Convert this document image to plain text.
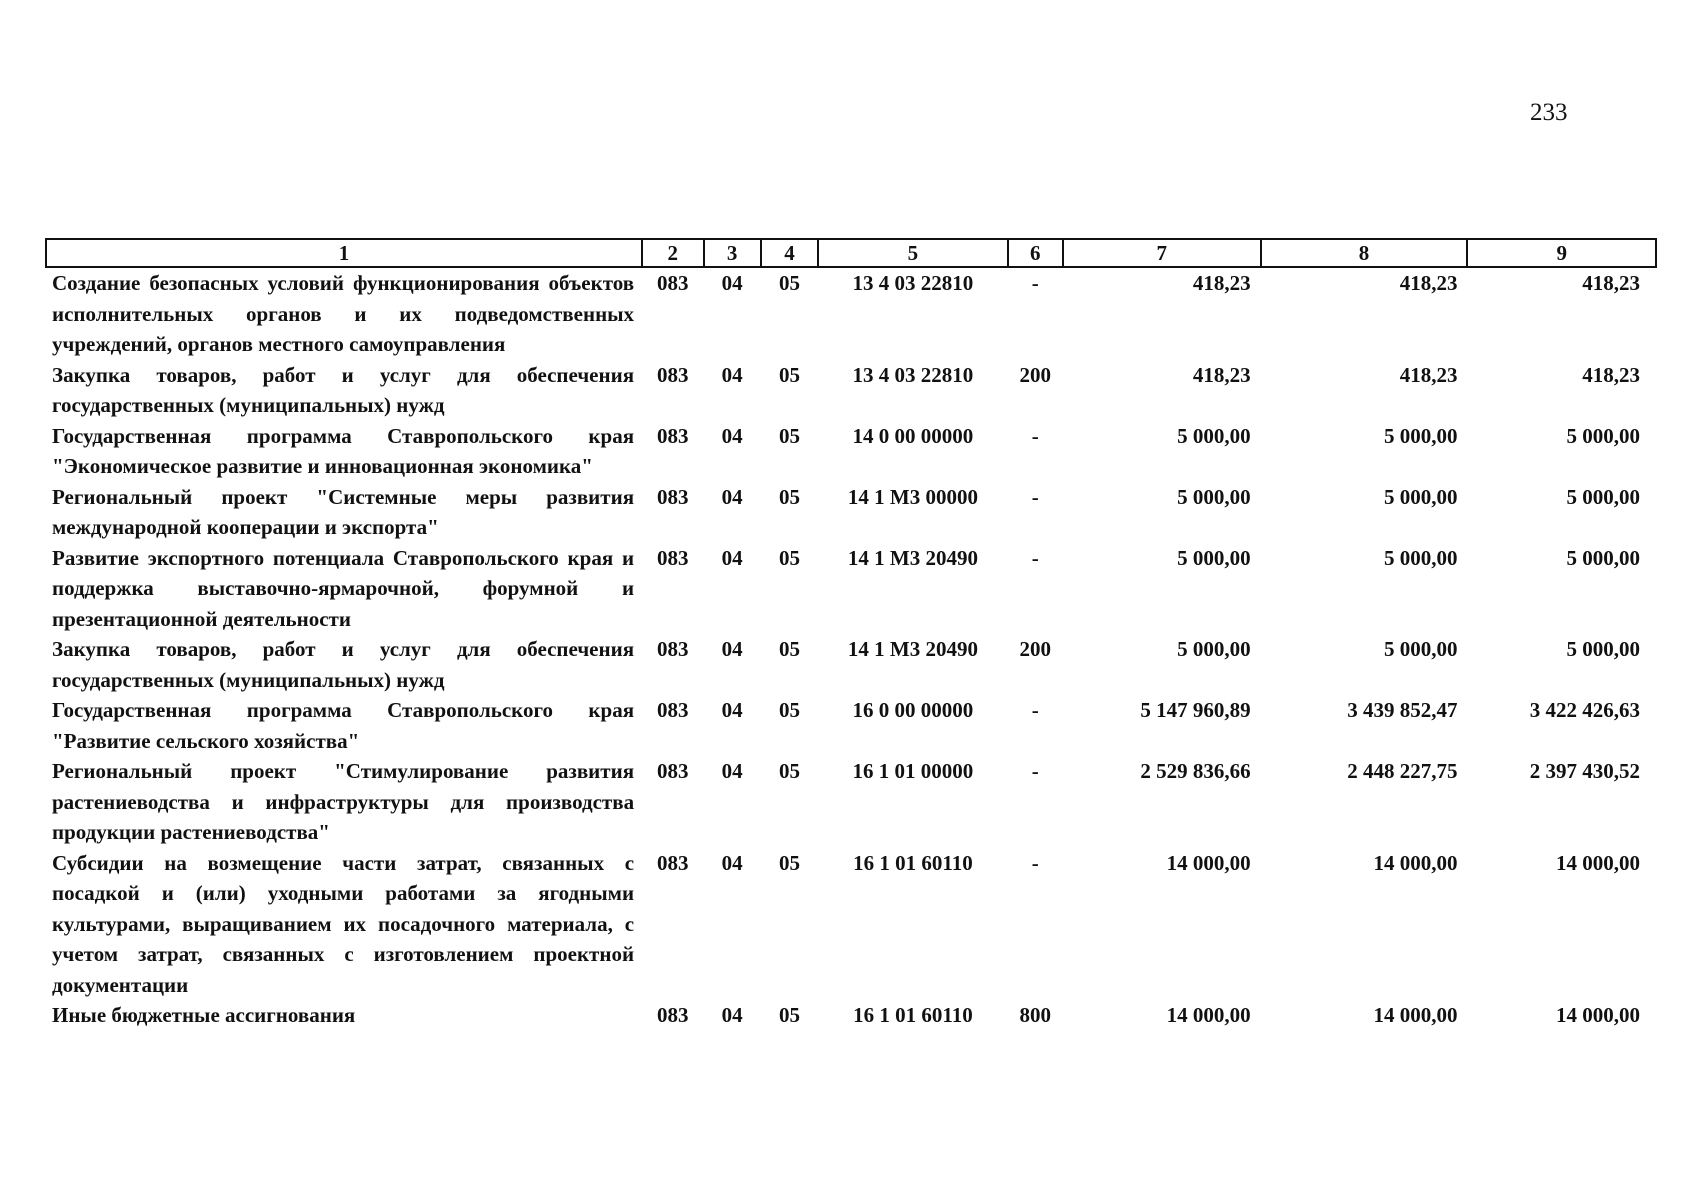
233
1	2	3	4	5	6	7	8	9
Создание безопасных условий функционирования объектов исполнительных органов и их подведомственных учреждений, органов местного самоуправления	083	04	05	13 4 03 22810	-	418,23	418,23	418,23
Закупка товаров, работ и услуг для обеспечения государственных (муниципальных) нужд	083	04	05	13 4 03 22810	200	418,23	418,23	418,23
Государственная программа Ставропольского края "Экономическое развитие и инновационная экономика"	083	04	05	14 0 00 00000	-	5 000,00	5 000,00	5 000,00
Региональный проект "Системные меры развития международной кооперации и экспорта"	083	04	05	14 1 М3 00000	-	5 000,00	5 000,00	5 000,00
Развитие экспортного потенциала Ставропольского края и поддержка выставочно-ярмарочной, форумной и презентационной деятельности	083	04	05	14 1 М3 20490	-	5 000,00	5 000,00	5 000,00
Закупка товаров, работ и услуг для обеспечения государственных (муниципальных) нужд	083	04	05	14 1 М3 20490	200	5 000,00	5 000,00	5 000,00
Государственная программа Ставропольского края "Развитие сельского хозяйства"	083	04	05	16 0 00 00000	-	5 147 960,89	3 439 852,47	3 422 426,63
Региональный проект "Стимулирование развития растениеводства и инфраструктуры для производства продукции растениеводства"	083	04	05	16 1 01 00000	-	2 529 836,66	2 448 227,75	2 397 430,52
Субсидии на возмещение части затрат, связанных с посадкой и (или) уходными работами за ягодными культурами, выращиванием их посадочного материала, с учетом затрат, связанных с изготовлением проектной документации	083	04	05	16 1 01 60110	-	14 000,00	14 000,00	14 000,00
Иные бюджетные ассигнования	083	04	05	16 1 01 60110	800	14 000,00	14 000,00	14 000,00
